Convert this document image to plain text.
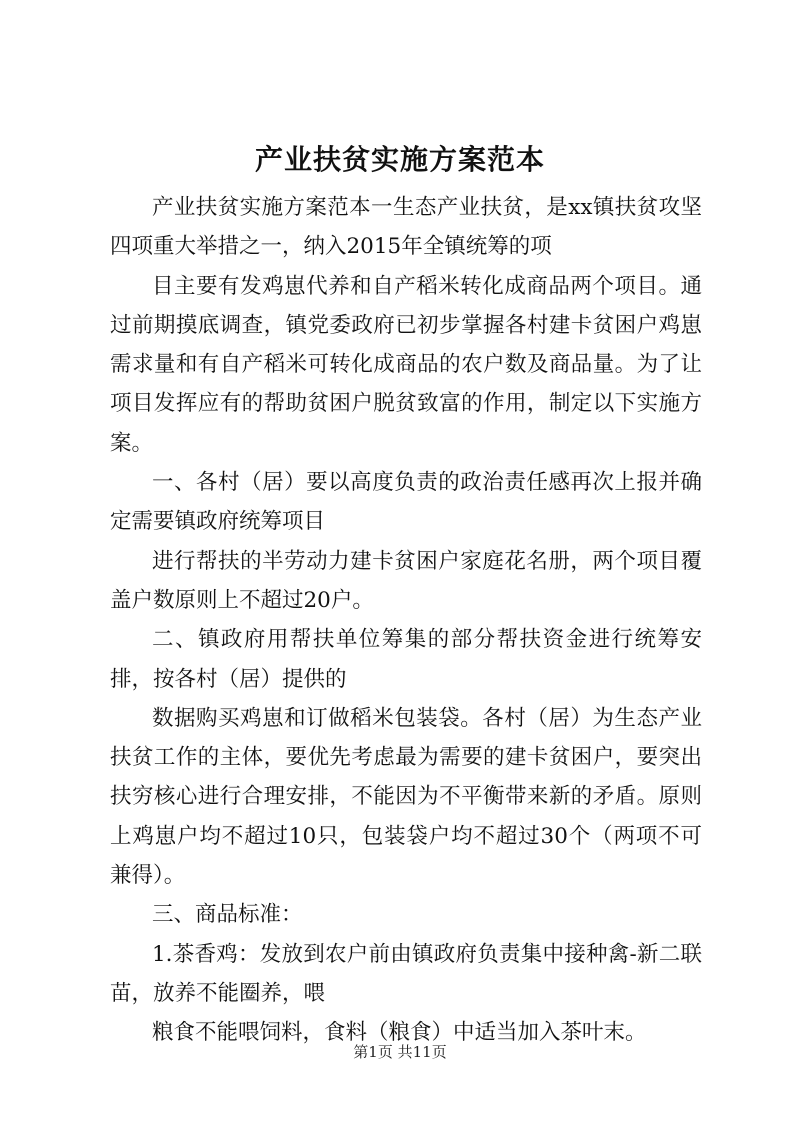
产业扶贫实施方案范本

产业扶贫实施方案范本一生态产业扶贫，是xx镇扶贫攻坚四项重大举措之一，纳入2015年全镇统筹的项

目主要有发鸡崽代养和自产稻米转化成商品两个项目。通过前期摸底调查，镇党委政府已初步掌握各村建卡贫困户鸡崽需求量和有自产稻米可转化成商品的农户数及商品量。为了让项目发挥应有的帮助贫困户脱贫致富的作用，制定以下实施方案。

一、各村（居）要以高度负责的政治责任感再次上报并确定需要镇政府统筹项目

进行帮扶的半劳动力建卡贫困户家庭花名册，两个项目覆盖户数原则上不超过20户。

二、镇政府用帮扶单位筹集的部分帮扶资金进行统筹安排，按各村（居）提供的

数据购买鸡崽和订做稻米包装袋。各村（居）为生态产业扶贫工作的主体，要优先考虑最为需要的建卡贫困户，要突出扶穷核心进行合理安排，不能因为不平衡带来新的矛盾。原则上鸡崽户均不超过10只，包装袋户均不超过30个（两项不可兼得）。

三、商品标准：

1.茶香鸡：发放到农户前由镇政府负责集中接种禽-新二联苗，放养不能圈养，喂

粮食不能喂饲料，食料（粮食）中适当加入茶叶末。

第1页 共11页
